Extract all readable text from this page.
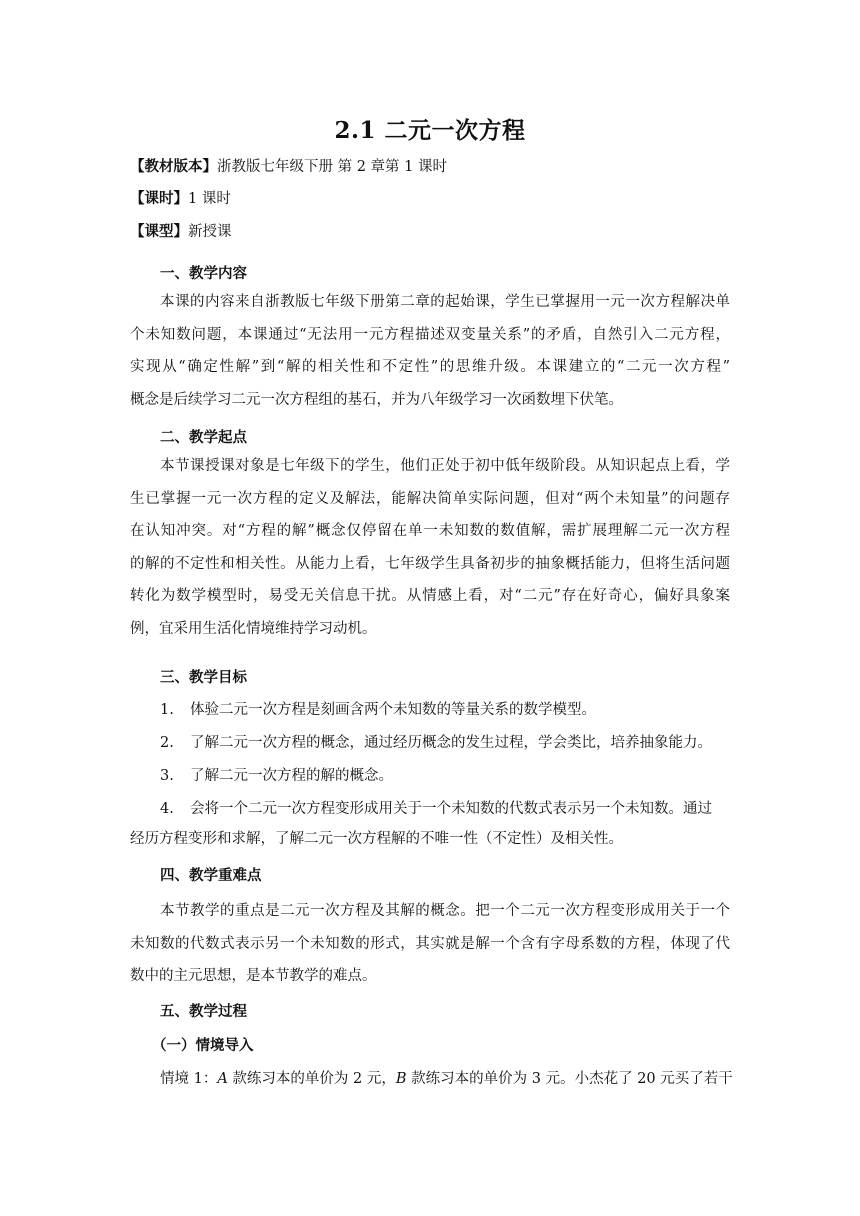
2.1 二元一次方程
【教材版本】浙教版七年级下册 第 2 章第 1 课时
【课时】1 课时
【课型】新授课
一、教学内容
本课的内容来自浙教版七年级下册第二章的起始课，学生已掌握用一元一次方程解决单
个未知数问题，本课通过“无法用一元方程描述双变量关系”的矛盾，自然引入二元方程，
实现从“确定性解”到“解的相关性和不定性”的思维升级。本课建立的“二元一次方程”
概念是后续学习二元一次方程组的基石，并为八年级学习一次函数埋下伏笔。
二、教学起点
本节课授课对象是七年级下的学生，他们正处于初中低年级阶段。从知识起点上看，学
生已掌握一元一次方程的定义及解法，能解决简单实际问题，但对“两个未知量”的问题存
在认知冲突。对“方程的解”概念仅停留在单一未知数的数值解，需扩展理解二元一次方程
的解的不定性和相关性。从能力上看，七年级学生具备初步的抽象概括能力，但将生活问题
转化为数学模型时，易受无关信息干扰。从情感上看，对“二元”存在好奇心，偏好具象案
例，宜采用生活化情境维持学习动机。
三、教学目标
1. 体验二元一次方程是刻画含两个未知数的等量关系的数学模型。
2. 了解二元一次方程的概念，通过经历概念的发生过程，学会类比，培养抽象能力。
3. 了解二元一次方程的解的概念。
4. 会将一个二元一次方程变形成用关于一个未知数的代数式表示另一个未知数。通过
经历方程变形和求解，了解二元一次方程解的不唯一性（不定性）及相关性。
四、教学重难点
本节教学的重点是二元一次方程及其解的概念。把一个二元一次方程变形成用关于一个
未知数的代数式表示另一个未知数的形式，其实就是解一个含有字母系数的方程，体现了代
数中的主元思想，是本节教学的难点。
五、教学过程
（一）情境导入
情境 1：A 款练习本的单价为 2 元，B 款练习本的单价为 3 元。小杰花了 20 元买了若干
